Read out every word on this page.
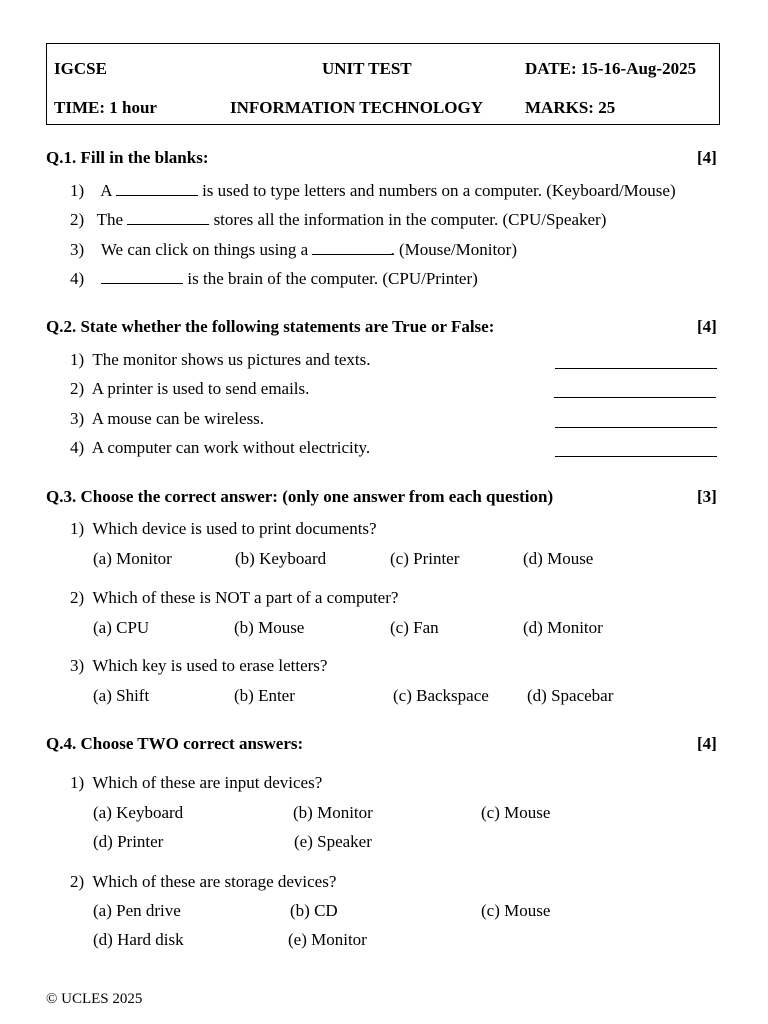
IGCSE	UNIT TEST	DATE: 15-16-Aug-2025
TIME: 1 hour	INFORMATION TECHNOLOGY MARKS: 25
Q.1. Fill in the blanks:	[4]
1) A	is used to type letters and numbers on a computer. (Keyboard/Mouse)
2) The	stores all the information in the computer. (CPU/Speaker)
3) We can click on things using a	. (Mouse/Monitor)
4)	is the brain of the computer. (CPU/Printer)
Q.2. State whether the following statements are True or False:	[4]
1) The monitor shows us pictures and texts.
2) A printer is used to send emails.
3) A mouse can be wireless.
4) A computer can work without electricity.
Q.3. Choose the correct answer: (only one answer from each question)	[3]
1) Which device is used to print documents?
(a) Monitor	(b) Keyboard	(c) Printer	(d) Mouse
2) Which of these is NOT a part of a computer?
(a) CPU	(b) Mouse	(c) Fan	(d) Monitor
3) Which key is used to erase letters?
(a) Shift	(b) Enter	(c) Backspace (d) Spacebar
Q.4. Choose TWO correct answers:	[4]
1) Which of these are input devices?
(a) Keyboard	(b) Monitor	(c) Mouse
(d) Printer	(e) Speaker
2) Which of these are storage devices?
(a) Pen drive	(b) CD	(c) Mouse
(d) Hard disk	(e) Monitor
© UCLES 2025
